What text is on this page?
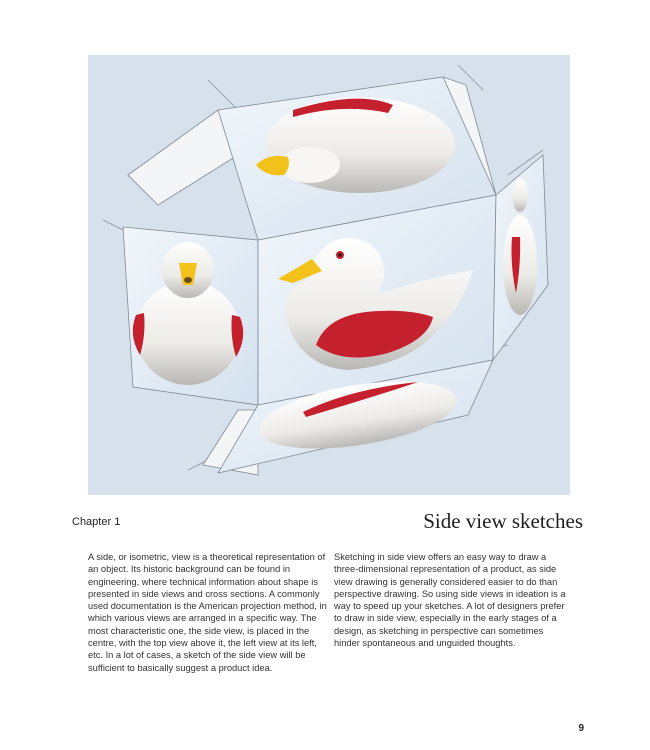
Chapter 1	Side view sketches

A side, or isometric, view is a theoretical representation of an object. Its historic background can be found in engineering, where technical information about shape is presented in side views and cross sections. A commonly used documentation is the American projection method, in which various views are arranged in a specific way. The most characteristic one, the side view, is placed in the centre, with the top view above it, the left view at its left, etc. In a lot of cases, a sketch of the side view will be sufficient to basically suggest a product idea.

Sketching in side view offers an easy way to draw a three-dimensional representation of a product, as side view drawing is generally considered easier to do than perspective drawing. So using side views in ideation is a way to speed up your sketches. A lot of designers prefer to draw in side view, especially in the early stages of a design, as sketching in perspective can sometimes hinder spontaneous and unguided thoughts.

9
